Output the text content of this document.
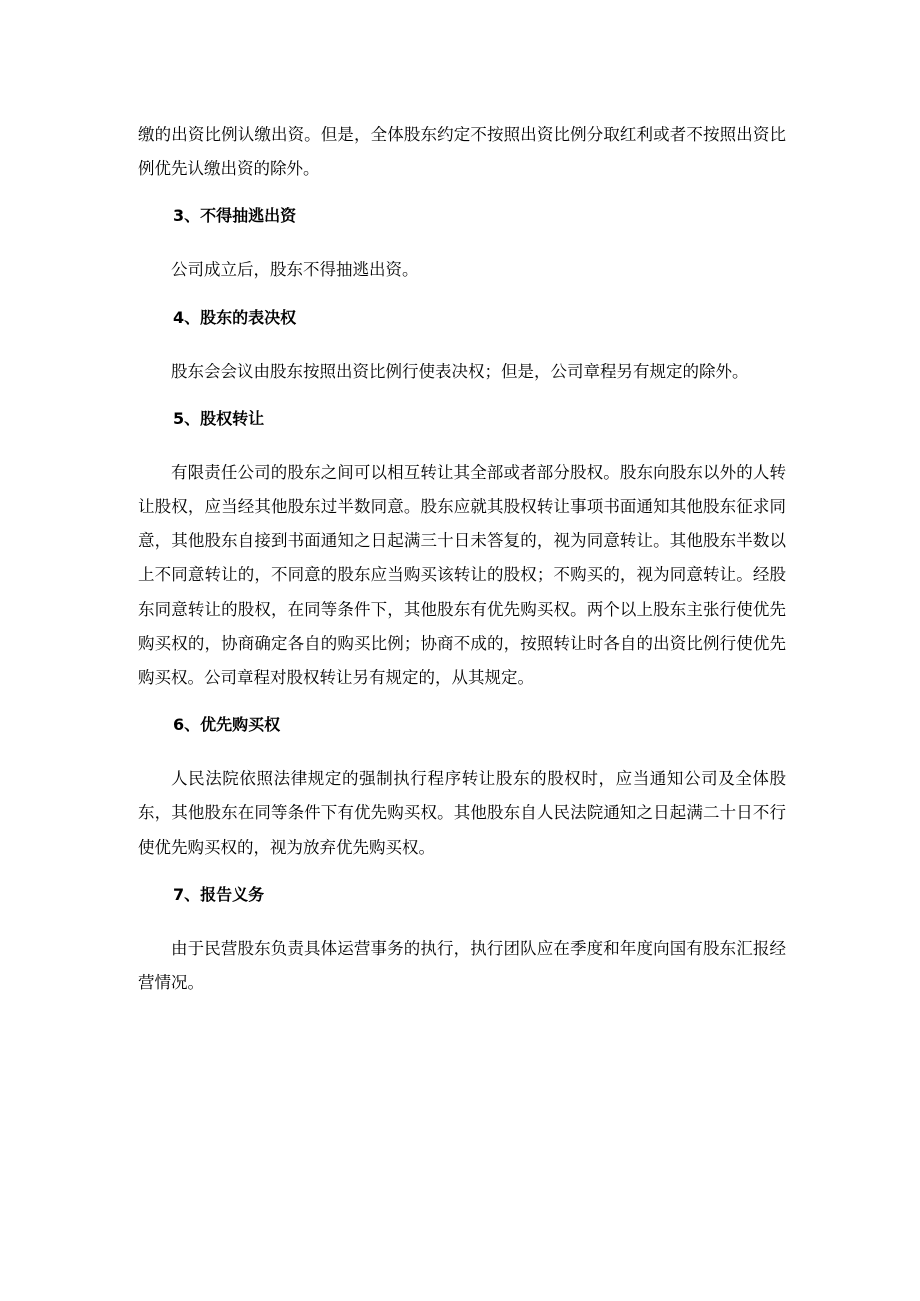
缴的出资比例认缴出资。但是，全体股东约定不按照出资比例分取红利或者不按照出资比例优先认缴出资的除外。

3、不得抽逃出资

公司成立后，股东不得抽逃出资。

4、股东的表决权

股东会会议由股东按照出资比例行使表决权；但是，公司章程另有规定的除外。

5、股权转让

有限责任公司的股东之间可以相互转让其全部或者部分股权。股东向股东以外的人转让股权，应当经其他股东过半数同意。股东应就其股权转让事项书面通知其他股东征求同意，其他股东自接到书面通知之日起满三十日未答复的，视为同意转让。其他股东半数以上不同意转让的，不同意的股东应当购买该转让的股权；不购买的，视为同意转让。经股东同意转让的股权，在同等条件下，其他股东有优先购买权。两个以上股东主张行使优先购买权的，协商确定各自的购买比例；协商不成的，按照转让时各自的出资比例行使优先购买权。公司章程对股权转让另有规定的，从其规定。

6、优先购买权

人民法院依照法律规定的强制执行程序转让股东的股权时，应当通知公司及全体股东，其他股东在同等条件下有优先购买权。其他股东自人民法院通知之日起满二十日不行使优先购买权的，视为放弃优先购买权。

7、报告义务

由于民营股东负责具体运营事务的执行，执行团队应在季度和年度向国有股东汇报经营情况。
